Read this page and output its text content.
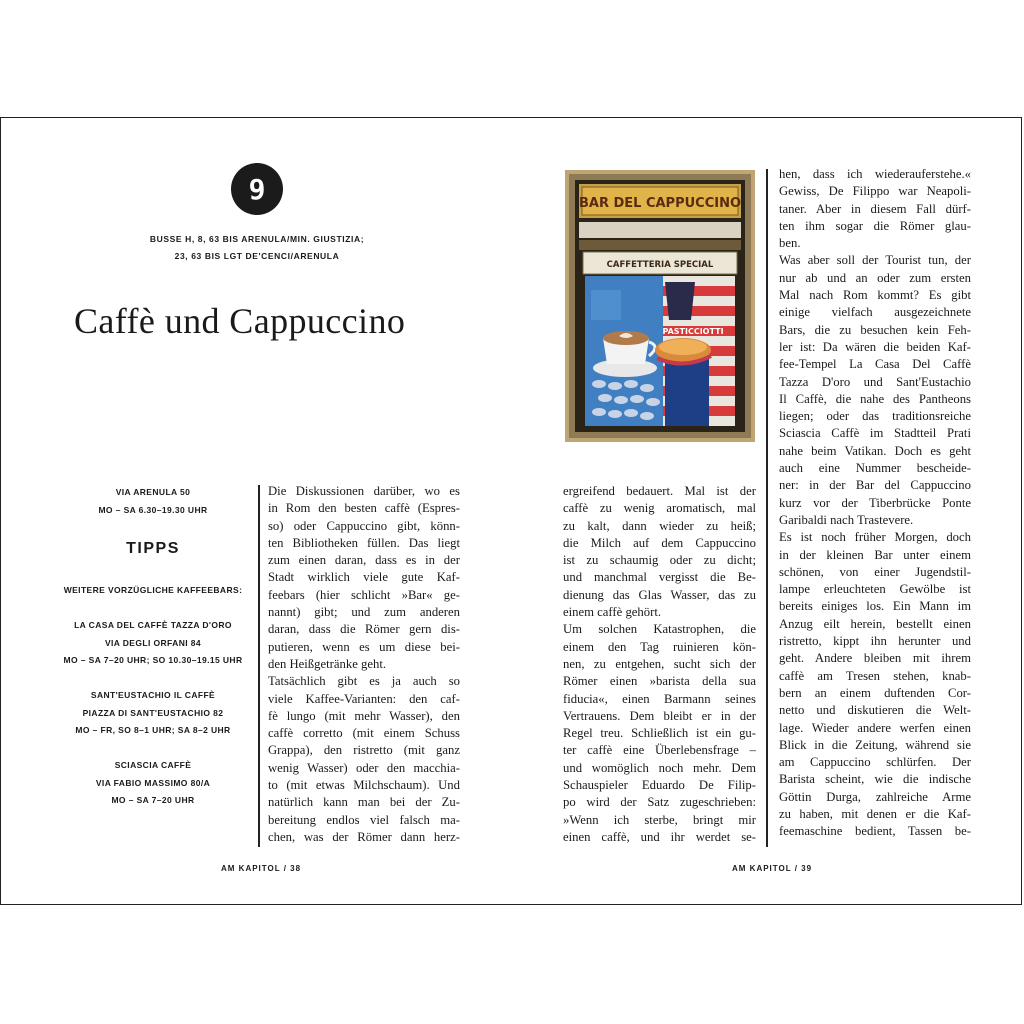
9
BUSSE H, 8, 63 BIS ARENULA/MIN. GIUSTIZIA;
23, 63 BIS LGT DE'CENCI/ARENULA
Caffè und Cappuccino
VIA ARENULA 50
MO – SA 6.30–19.30 UHR
TIPPS
WEITERE VORZÜGLICHE KAFFEEBARS:
LA CASA DEL CAFFÈ TAZZA D'ORO
VIA DEGLI ORFANI 84
MO – SA 7–20 UHR; SO 10.30–19.15 UHR
SANT'EUSTACHIO IL CAFFÈ
PIAZZA DI SANT'EUSTACHIO 82
MO – FR, SO 8–1 UHR; SA 8–2 UHR
SCIASCIA CAFFÈ
VIA FABIO MASSIMO 80/A
MO – SA 7–20 UHR
Die Diskussionen darüber, wo es
in Rom den besten caffè (Espres-
so) oder Cappuccino gibt, könn-
ten Bibliotheken füllen. Das liegt
zum einen daran, dass es in der
Stadt wirklich viele gute Kaf-
feebars (hier schlicht »Bar« ge-
nannt) gibt; und zum anderen
daran, dass die Römer gern dis-
putieren, wenn es um diese bei-
den Heißgetränke geht.
Tatsächlich gibt es ja auch so
viele Kaffee-Varianten: den caf-
fè lungo (mit mehr Wasser), den
caffè corretto (mit einem Schuss
Grappa), den ristretto (mit ganz
wenig Wasser) oder den macchia-
to (mit etwas Milchschaum). Und
natürlich kann man bei der Zu-
bereitung endlos viel falsch ma-
chen, was der Römer dann herz-
AM KAPITOL / 38
BAR DEL CAPPUCCINO
CAFFETTERIA SPECIAL
PASTICCIOTTI
ergreifend bedauert. Mal ist der
caffè zu wenig aromatisch, mal
zu kalt, dann wieder zu heiß;
die Milch auf dem Cappuccino
ist zu schaumig oder zu dicht;
und manchmal vergisst die Be-
dienung das Glas Wasser, das zu
einem caffè gehört.
Um solchen Katastrophen, die
einem den Tag ruinieren kön-
nen, zu entgehen, sucht sich der
Römer einen »barista della sua
fiducia«, einen Barmann seines
Vertrauens. Dem bleibt er in der
Regel treu. Schließlich ist ein gu-
ter caffè eine Überlebensfrage –
und womöglich noch mehr. Dem
Schauspieler Eduardo De Filip-
po wird der Satz zugeschrieben:
»Wenn ich sterbe, bringt mir
einen caffè, und ihr werdet se-
hen, dass ich wiederauferstehe.«
Gewiss, De Filippo war Neapoli-
taner. Aber in diesem Fall dürf-
ten ihm sogar die Römer glau-
ben.
Was aber soll der Tourist tun, der
nur ab und an oder zum ersten
Mal nach Rom kommt? Es gibt
einige vielfach ausgezeichnete
Bars, die zu besuchen kein Feh-
ler ist: Da wären die beiden Kaf-
fee-Tempel La Casa Del Caffè
Tazza D'oro und Sant'Eustachio
Il Caffè, die nahe des Pantheons
liegen; oder das traditionsreiche
Sciascia Caffè im Stadtteil Prati
nahe beim Vatikan. Doch es geht
auch eine Nummer bescheide-
ner: in der Bar del Cappuccino
kurz vor der Tiberbrücke Ponte
Garibaldi nach Trastevere.
Es ist noch früher Morgen, doch
in der kleinen Bar unter einem
schönen, von einer Jugendstil-
lampe erleuchteten Gewölbe ist
bereits einiges los. Ein Mann im
Anzug eilt herein, bestellt einen
ristretto, kippt ihn herunter und
geht. Andere bleiben mit ihrem
caffè am Tresen stehen, knab-
bern an einem duftenden Cor-
netto und diskutieren die Welt-
lage. Wieder andere werfen einen
Blick in die Zeitung, während sie
am Cappuccino schlürfen. Der
Barista scheint, wie die indische
Göttin Durga, zahlreiche Arme
zu haben, mit denen er die Kaf-
feemaschine bedient, Tassen be-
AM KAPITOL / 39
